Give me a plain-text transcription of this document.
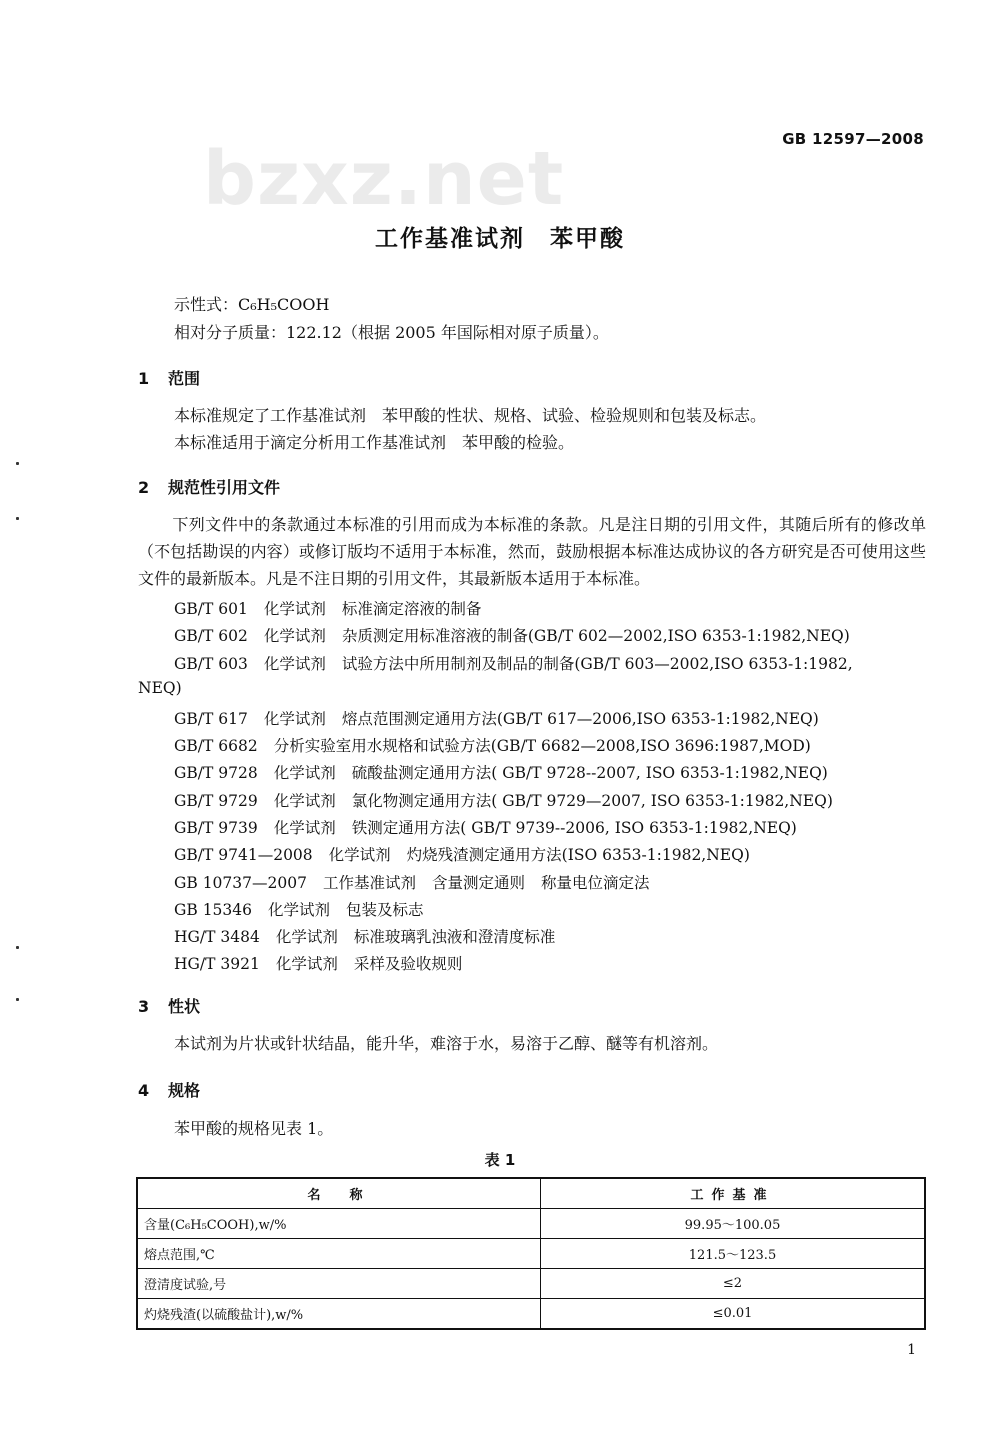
GB 12597—2008
bzxz.net
工作基准试剂　苯甲酸
示性式：C₆H₅COOH
相对分子质量：122.12（根据 2005 年国际相对原子质量）。
1 范围
本标准规定了工作基准试剂　苯甲酸的性状、规格、试验、检验规则和包装及标志。
本标准适用于滴定分析用工作基准试剂　苯甲酸的检验。
2 规范性引用文件
下列文件中的条款通过本标准的引用而成为本标准的条款。凡是注日期的引用文件，其随后所有的修改单（不包括勘误的内容）或修订版均不适用于本标准，然而，鼓励根据本标准达成协议的各方研究是否可使用这些文件的最新版本。凡是不注日期的引用文件，其最新版本适用于本标准。
GB/T 601 化学试剂 标准滴定溶液的制备
GB/T 602 化学试剂 杂质测定用标准溶液的制备(GB/T 602—2002,ISO 6353-1:1982,NEQ)
GB/T 603 化学试剂 试验方法中所用制剂及制品的制备(GB/T 603—2002,ISO 6353-1:1982,
NEQ)
GB/T 617 化学试剂 熔点范围测定通用方法(GB/T 617—2006,ISO 6353-1:1982,NEQ)
GB/T 6682 分析实验室用水规格和试验方法(GB/T 6682—2008,ISO 3696:1987,MOD)
GB/T 9728 化学试剂 硫酸盐测定通用方法( GB/T 9728--2007, ISO 6353-1:1982,NEQ)
GB/T 9729 化学试剂 氯化物测定通用方法( GB/T 9729—2007, ISO 6353-1:1982,NEQ)
GB/T 9739 化学试剂 铁测定通用方法( GB/T 9739--2006, ISO 6353-1:1982,NEQ)
GB/T 9741—2008 化学试剂 灼烧残渣测定通用方法(ISO 6353-1:1982,NEQ)
GB 10737—2007 工作基准试剂 含量测定通则 称量电位滴定法
GB 15346 化学试剂 包装及标志
HG/T 3484 化学试剂 标准玻璃乳浊液和澄清度标准
HG/T 3921 化学试剂 采样及验收规则
3 性状
本试剂为片状或针状结晶，能升华，难溶于水，易溶于乙醇、醚等有机溶剂。
4 规格
苯甲酸的规格见表 1。
表 1
名　称	工作基准
含量(C₆H₅COOH),w/%	99.95～100.05
熔点范围,℃	121.5～123.5
澄清度试验,号	≤2
灼烧残渣(以硫酸盐计),w/%	≤0.01
1
